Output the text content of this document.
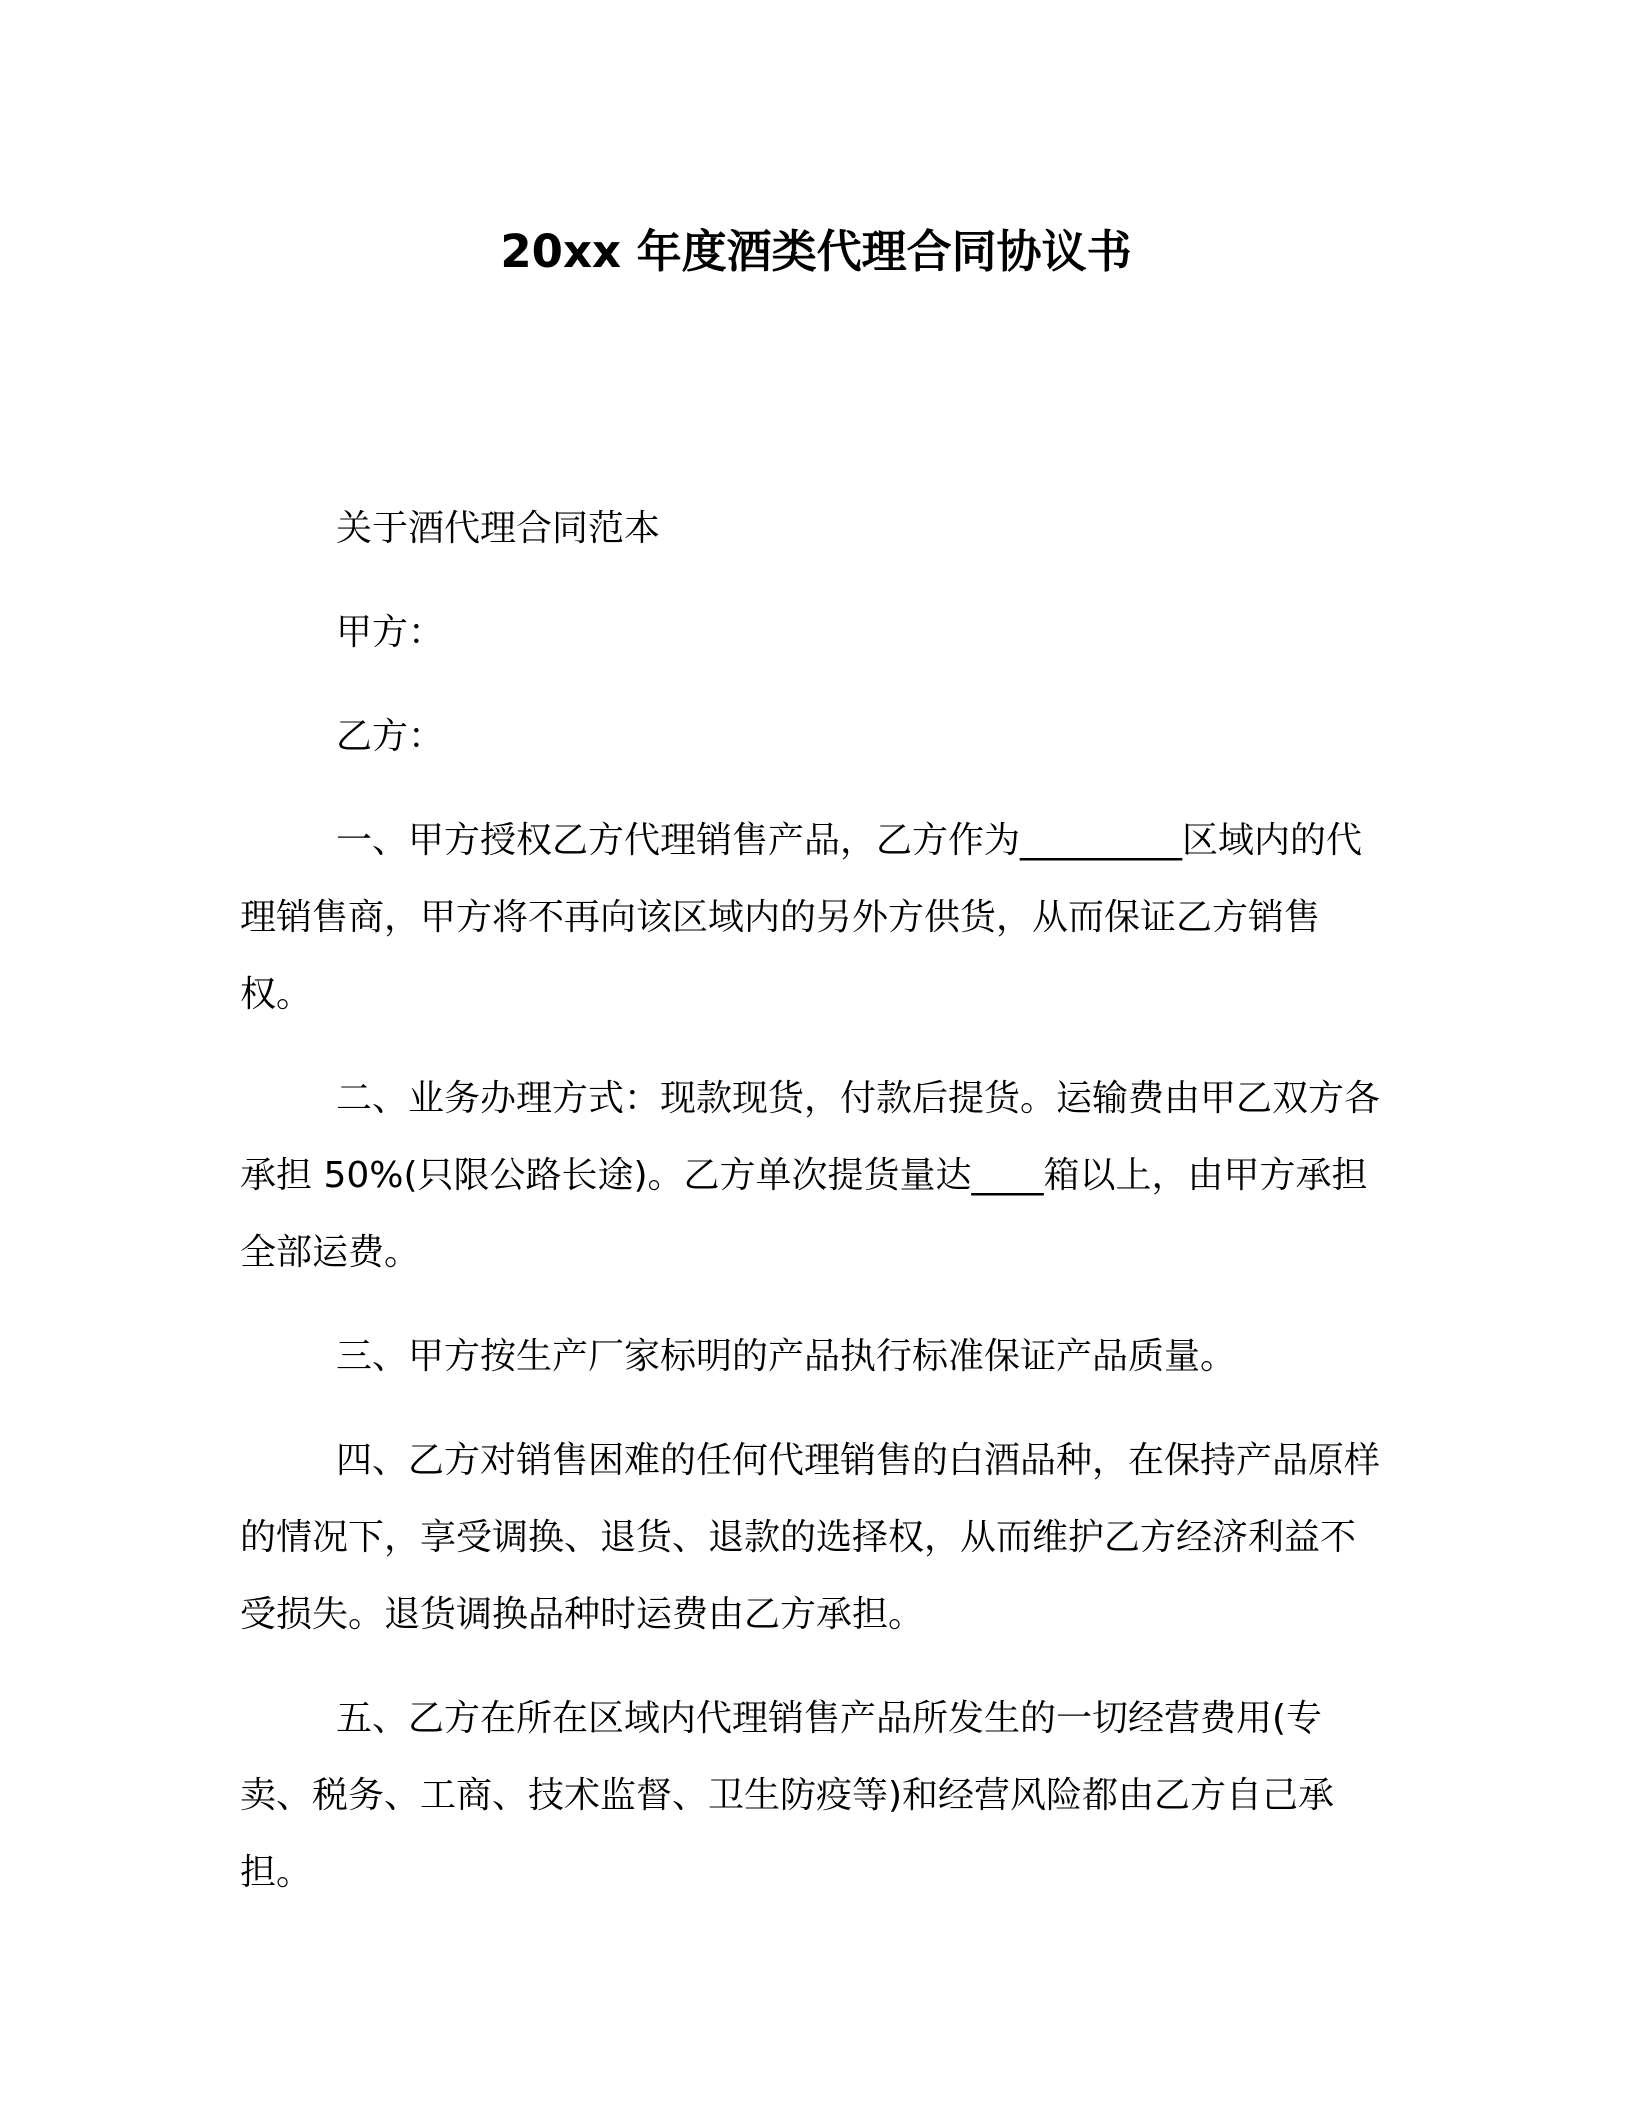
20xx 年度酒类代理合同协议书

关于酒代理合同范本

甲方：

乙方：

一、甲方授权乙方代理销售产品，乙方作为_________区域内的代理销售商，甲方将不再向该区域内的另外方供货，从而保证乙方销售权。

二、业务办理方式：现款现货，付款后提货。运输费由甲乙双方各承担 50%(只限公路长途)。乙方单次提货量达____箱以上，由甲方承担全部运费。

三、甲方按生产厂家标明的产品执行标准保证产品质量。

四、乙方对销售困难的任何代理销售的白酒品种，在保持产品原样的情况下，享受调换、退货、退款的选择权，从而维护乙方经济利益不受损失。退货调换品种时运费由乙方承担。

五、乙方在所在区域内代理销售产品所发生的一切经营费用(专卖、税务、工商、技术监督、卫生防疫等)和经营风险都由乙方自己承担。
